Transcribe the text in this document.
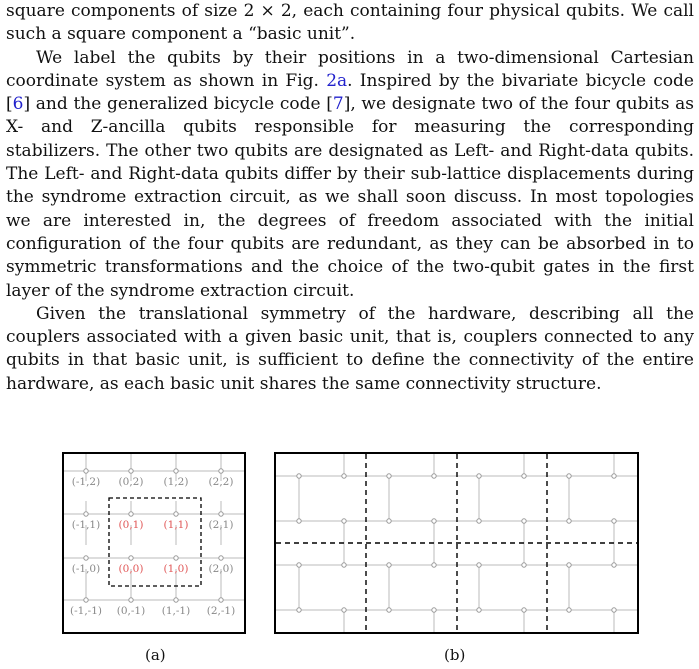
square components of size 2 × 2, each containing four physical qubits. We call such a square component a “basic unit”.

We label the qubits by their positions in a two-dimensional Cartesian coordinate system as shown in Fig. 2a. Inspired by the bivariate bicycle code [6] and the generalized bicycle code [7], we designate two of the four qubits as X- and Z-ancilla qubits responsible for measuring the corresponding stabilizers. The other two qubits are designated as Left- and Right-data qubits. The Left- and Right-data qubits differ by their sub-lattice displacements during the syndrome extraction circuit, as we shall soon discuss. In most topologies we are interested in, the degrees of freedom associated with the initial configuration of the four qubits are redundant, as they can be absorbed in to symmetric transformations and the choice of the two-qubit gates in the first layer of the syndrome extraction circuit.

Given the translational symmetry of the hardware, describing all the couplers associated with a given basic unit, that is, couplers connected to any qubits in that basic unit, is sufficient to define the connectivity of the entire hardware, as each basic unit shares the same connectivity structure.

(-1,2) (0,2) (1,2) (2,2)
(-1,1) (0,1) (1,1) (2,1)
(-1,0) (0,0) (1,0) (2,0)
(-1,-1) (0,-1) (1,-1) (2,-1)
(a)	(b)
